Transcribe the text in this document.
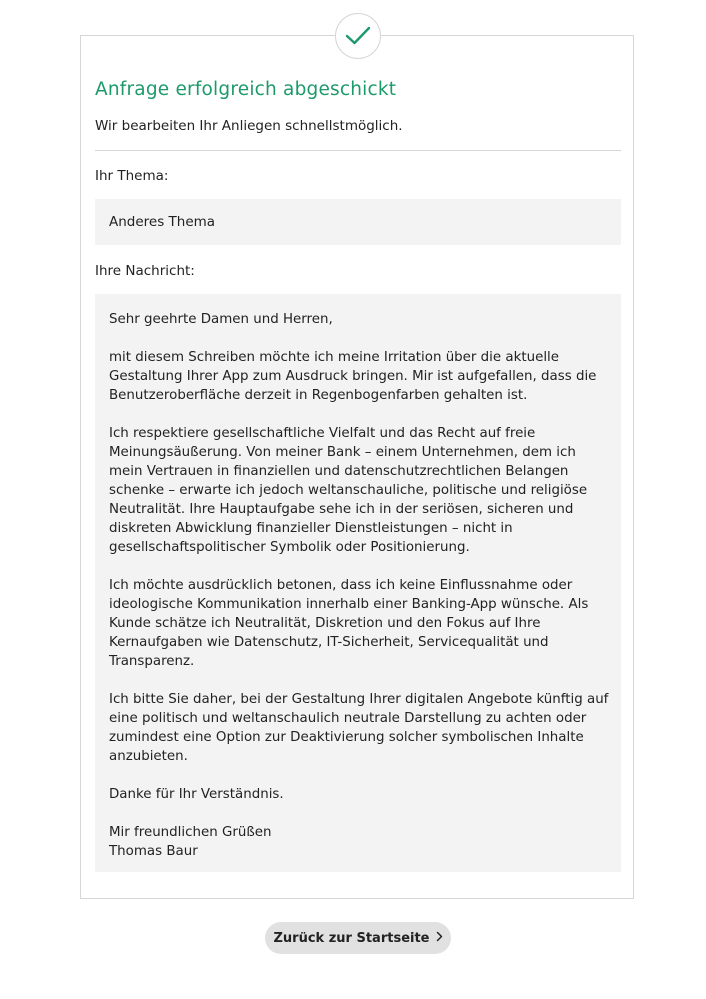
Anfrage erfolgreich abgeschickt
Wir bearbeiten Ihr Anliegen schnellstmöglich.
Ihr Thema:
Anderes Thema
Ihre Nachricht:

Sehr geehrte Damen und Herren,

mit diesem Schreiben möchte ich meine Irritation über die aktuelle Gestaltung Ihrer App zum Ausdruck bringen. Mir ist aufgefallen, dass die Benutzeroberfläche derzeit in Regenbogenfarben gehalten ist.

Ich respektiere gesellschaftliche Vielfalt und das Recht auf freie Meinungsäußerung. Von meiner Bank – einem Unternehmen, dem ich mein Vertrauen in finanziellen und datenschutzrechtlichen Belangen schenke – erwarte ich jedoch weltanschauliche, politische und religiöse Neutralität. Ihre Hauptaufgabe sehe ich in der seriösen, sicheren und diskreten Abwicklung finanzieller Dienstleistungen – nicht in gesellschaftspolitischer Symbolik oder Positionierung.

Ich möchte ausdrücklich betonen, dass ich keine Einflussnahme oder ideologische Kommunikation innerhalb einer Banking-App wünsche. Als Kunde schätze ich Neutralität, Diskretion und den Fokus auf Ihre Kernaufgaben wie Datenschutz, IT-Sicherheit, Servicequalität und Transparenz.

Ich bitte Sie daher, bei der Gestaltung Ihrer digitalen Angebote künftig auf eine politisch und weltanschaulich neutrale Darstellung zu achten oder zumindest eine Option zur Deaktivierung solcher symbolischen Inhalte anzubieten.

Danke für Ihr Verständnis.

Mir freundlichen Grüßen
Thomas Baur

Zurück zur Startseite
